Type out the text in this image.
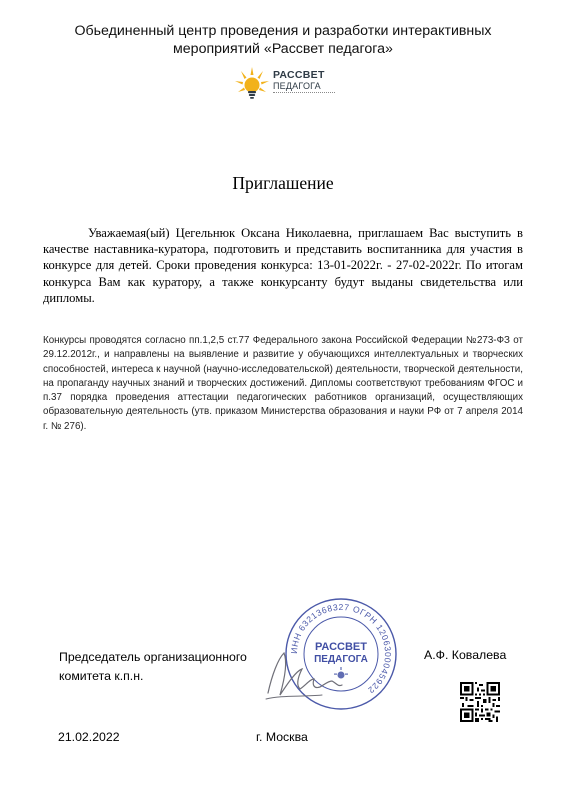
Обьединенный центр проведения и разработки интерактивных
мероприятий «Рассвет педагога»
РАССВЕТ
ПЕДАГОГА
Приглашение
Уважаемая(ый) Цегельнюк Оксана Николаевна, приглашаем Вас выступить в качестве наставника-куратора, подготовить и представить воспитанника для участия в конкурсе для детей. Сроки проведения конкурса: 13-01-2022г. - 27-02-2022г. По итогам конкурса Вам как куратору, а также конкурсанту будут выданы свидетельства или дипломы.
Конкурсы проводятся согласно пп.1,2,5 ст.77 Федерального закона Российской Федерации №273-ФЗ от 29.12.2012г., и направлены на выявление и развитие у обучающихся интеллектуальных и творческих способностей, интереса к научной (научно-исследовательской) деятельности, творческой деятельности, на пропаганду научных знаний и творческих достижений. Дипломы соответствуют требованиям ФГОС и п.37 порядка проведения аттестации педагогических работников организаций, осуществляющих образовательную деятельность (утв. приказом Министерства образования и науки РФ от 7 апреля 2014 г. № 276).
Председатель организационного
комитета к.п.н.
ИНН 6321368327 ОГРН 1206300045922
РАССВЕТ
ПЕДАГОГА	А.Ф. Ковалева
21.02.2022	г. Москва
